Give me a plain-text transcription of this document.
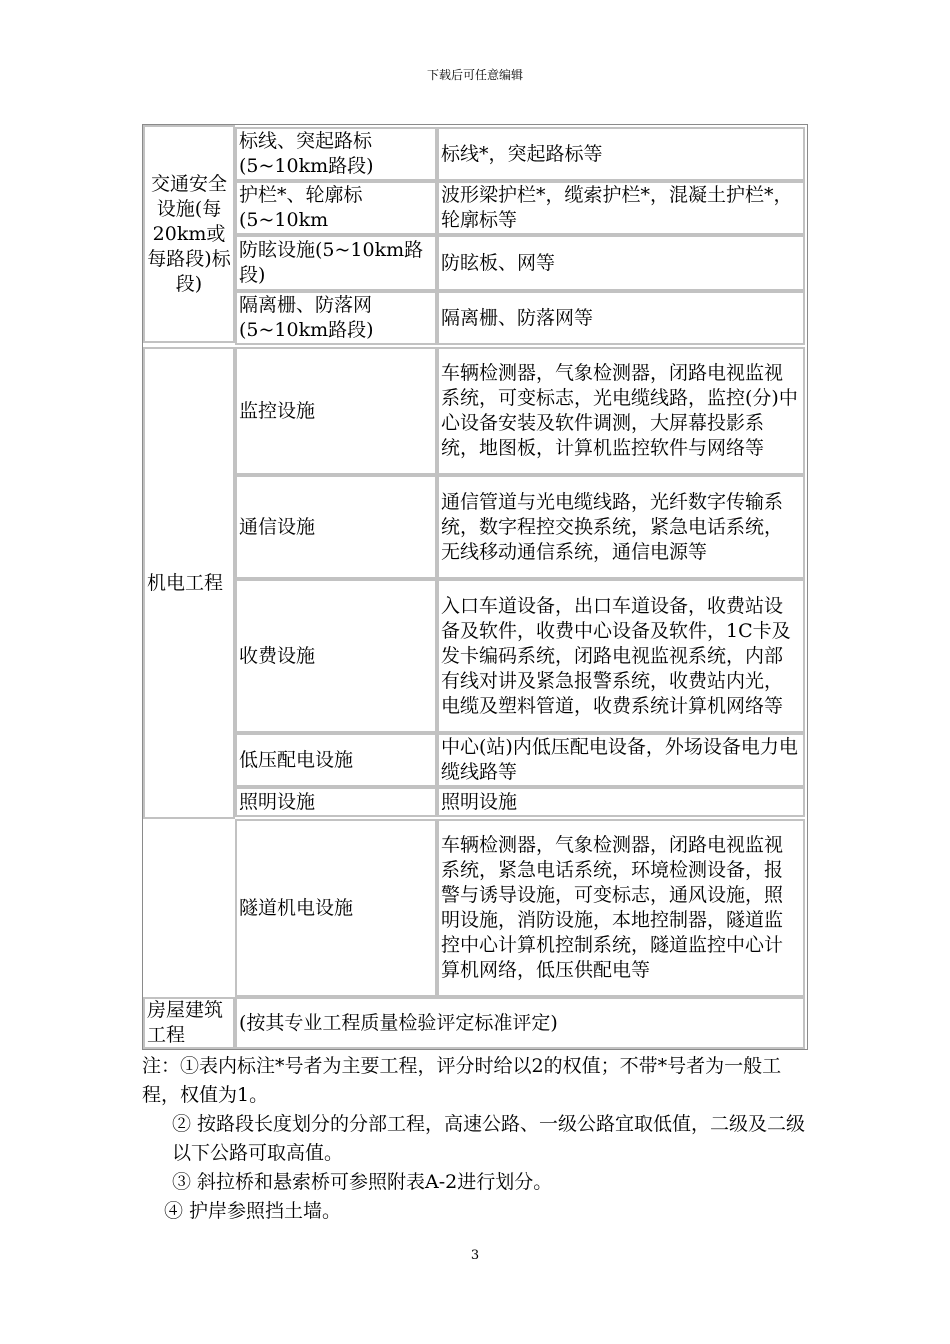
下载后可任意编辑
交通安全设施(每20km或每路段)标段)
标线、突起路标(5~10km路段)
标线*，突起路标等
护栏*、轮廓标(5~10km
波形梁护栏*，缆索护栏*，混凝土护栏*，轮廓标等
防眩设施(5~10km路段)
防眩板、网等
隔离栅、防落网(5~10km路段)
隔离栅、防落网等
机电工程
监控设施
车辆检测器，气象检测器，闭路电视监视系统，可变标志，光电缆线路，监控(分)中心设备安装及软件调测，大屏幕投影系统，地图板，计算机监控软件与网络等
通信设施
通信管道与光电缆线路，光纤数字传输系统，数字程控交换系统，紧急电话系统，无线移动通信系统，通信电源等
收费设施
入口车道设备，出口车道设备，收费站设备及软件，收费中心设备及软件，1C卡及发卡编码系统，闭路电视监视系统，内部有线对讲及紧急报警系统，收费站内光，电缆及塑料管道，收费系统计算机网络等
低压配电设施
中心(站)内低压配电设备，外场设备电力电缆线路等
照明设施	照明设施
隧道机电设施
车辆检测器，气象检测器，闭路电视监视系统，紧急电话系统，环境检测设备，报警与诱导设施，可变标志，通风设施，照明设施，消防设施，本地控制器，隧道监控中心计算机控制系统，隧道监控中心计算机网络，低压供配电等
房屋建筑工程
(按其专业工程质量检验评定标准评定)

注：①表内标注*号者为主要工程，评分时给以2的权值；不带*号者为一般工程，权值为1。

② 按路段长度划分的分部工程，高速公路、一级公路宜取低值，二级及二级以下公路可取高值。

③ 斜拉桥和悬索桥可参照附表A-2进行划分。

④ 护岸参照挡土墙。

3
